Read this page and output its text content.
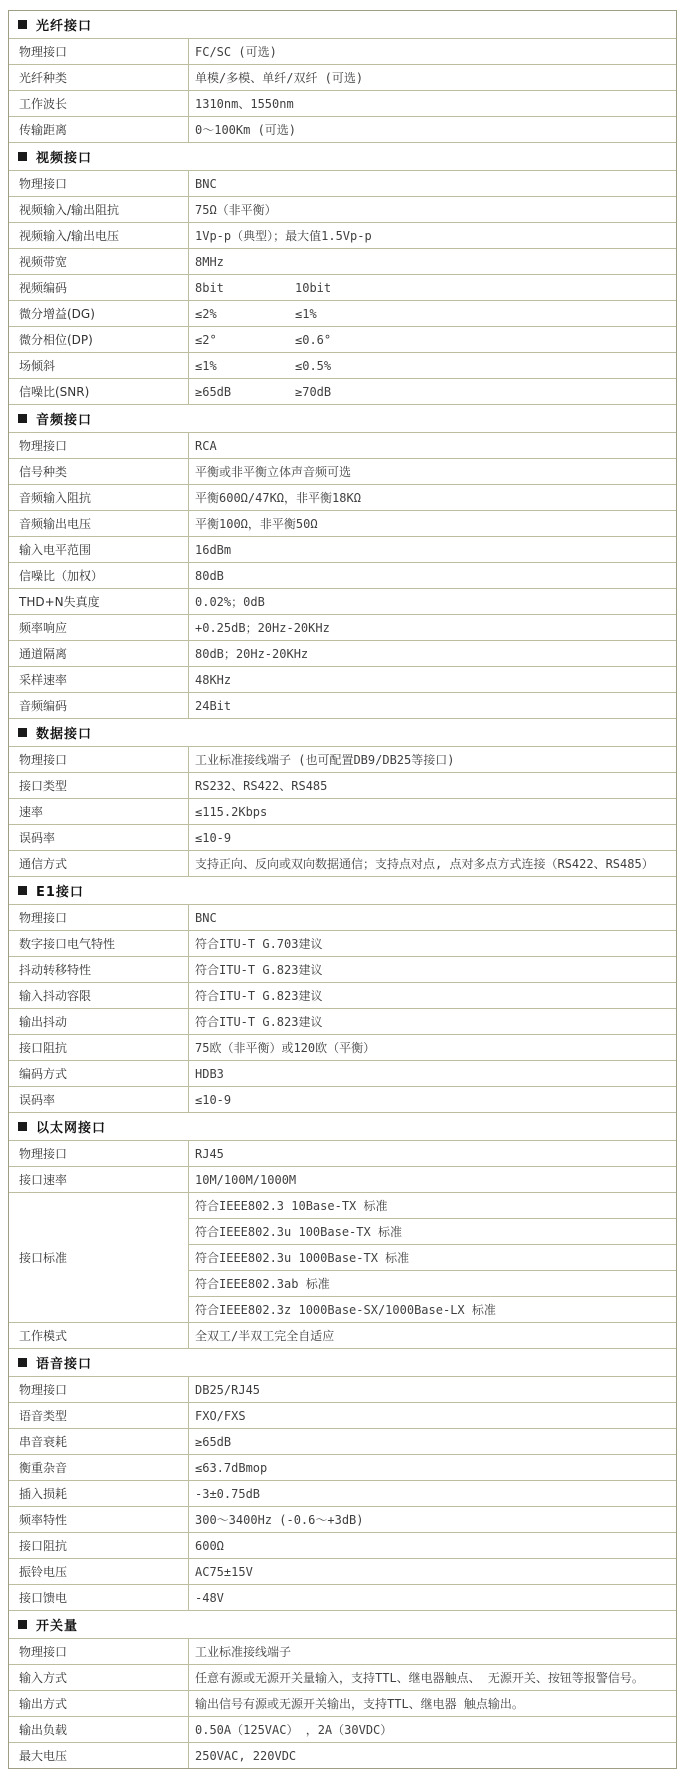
光纤接口
物理接口	FC/SC (可选)
光纤种类	单模/多模、单纤/双纤 (可选)
工作波长	1310nm、1550nm
传输距离	0～100Km (可选)
视频接口
物理接口	BNC
视频输入/输出阻抗	75Ω（非平衡）
视频输入/输出电压	1Vp-p（典型）；最大值1.5Vp-p
视频带宽	8MHz
视频编码	8bit	10bit
微分增益(DG)	≤2%	≤1%
微分相位(DP)	≤2°	≤0.6°
场倾斜	≤1%	≤0.5%
信噪比(SNR)	≥65dB	≥70dB
音频接口
物理接口	RCA
信号种类	平衡或非平衡立体声音频可选
音频输入阻抗	平衡600Ω/47KΩ，非平衡18KΩ
音频输出电压	平衡100Ω，非平衡50Ω
输入电平范围	16dBm
信噪比（加权）	80dB
THD+N失真度	0.02%；0dB
频率响应	+0.25dB；20Hz-20KHz
通道隔离	80dB；20Hz-20KHz
采样速率	48KHz
音频编码	24Bit
数据接口
物理接口	工业标准接线端子 (也可配置DB9/DB25等接口)
接口类型	RS232、RS422、RS485
速率	≤115.2Kbps
误码率	≤10-9
通信方式	支持正向、反向或双向数据通信；支持点对点, 点对多点方式连接（RS422、RS485）
E1接口
物理接口	BNC
数字接口电气特性	符合ITU-T G.703建议
抖动转移特性	符合ITU-T G.823建议
输入抖动容限	符合ITU-T G.823建议
输出抖动	符合ITU-T G.823建议
接口阻抗	75欧（非平衡）或120欧（平衡）
编码方式	HDB3
误码率	≤10-9
以太网接口
物理接口	RJ45
接口速率	10M/100M/1000M
接口标准
符合IEEE802.3 10Base-TX 标准
符合IEEE802.3u 100Base-TX 标准
符合IEEE802.3u 1000Base-TX 标准
符合IEEE802.3ab 标准
符合IEEE802.3z 1000Base-SX/1000Base-LX 标准
工作模式	全双工/半双工完全自适应
语音接口
物理接口	DB25/RJ45
语音类型	FXO/FXS
串音衰耗	≥65dB
衡重杂音	≤63.7dBmop
插入损耗	-3±0.75dB
频率特性	300～3400Hz (-0.6～+3dB)
接口阻抗	600Ω
振铃电压	AC75±15V
接口馈电	-48V
开关量
物理接口	工业标准接线端子
输入方式	任意有源或无源开关量输入，支持TTL、继电器触点、 无源开关、按钮等报警信号。
输出方式	输出信号有源或无源开关输出，支持TTL、继电器 触点输出。
输出负载	0.50A（125VAC） ，2A（30VDC）
最大电压	250VAC, 220VDC
